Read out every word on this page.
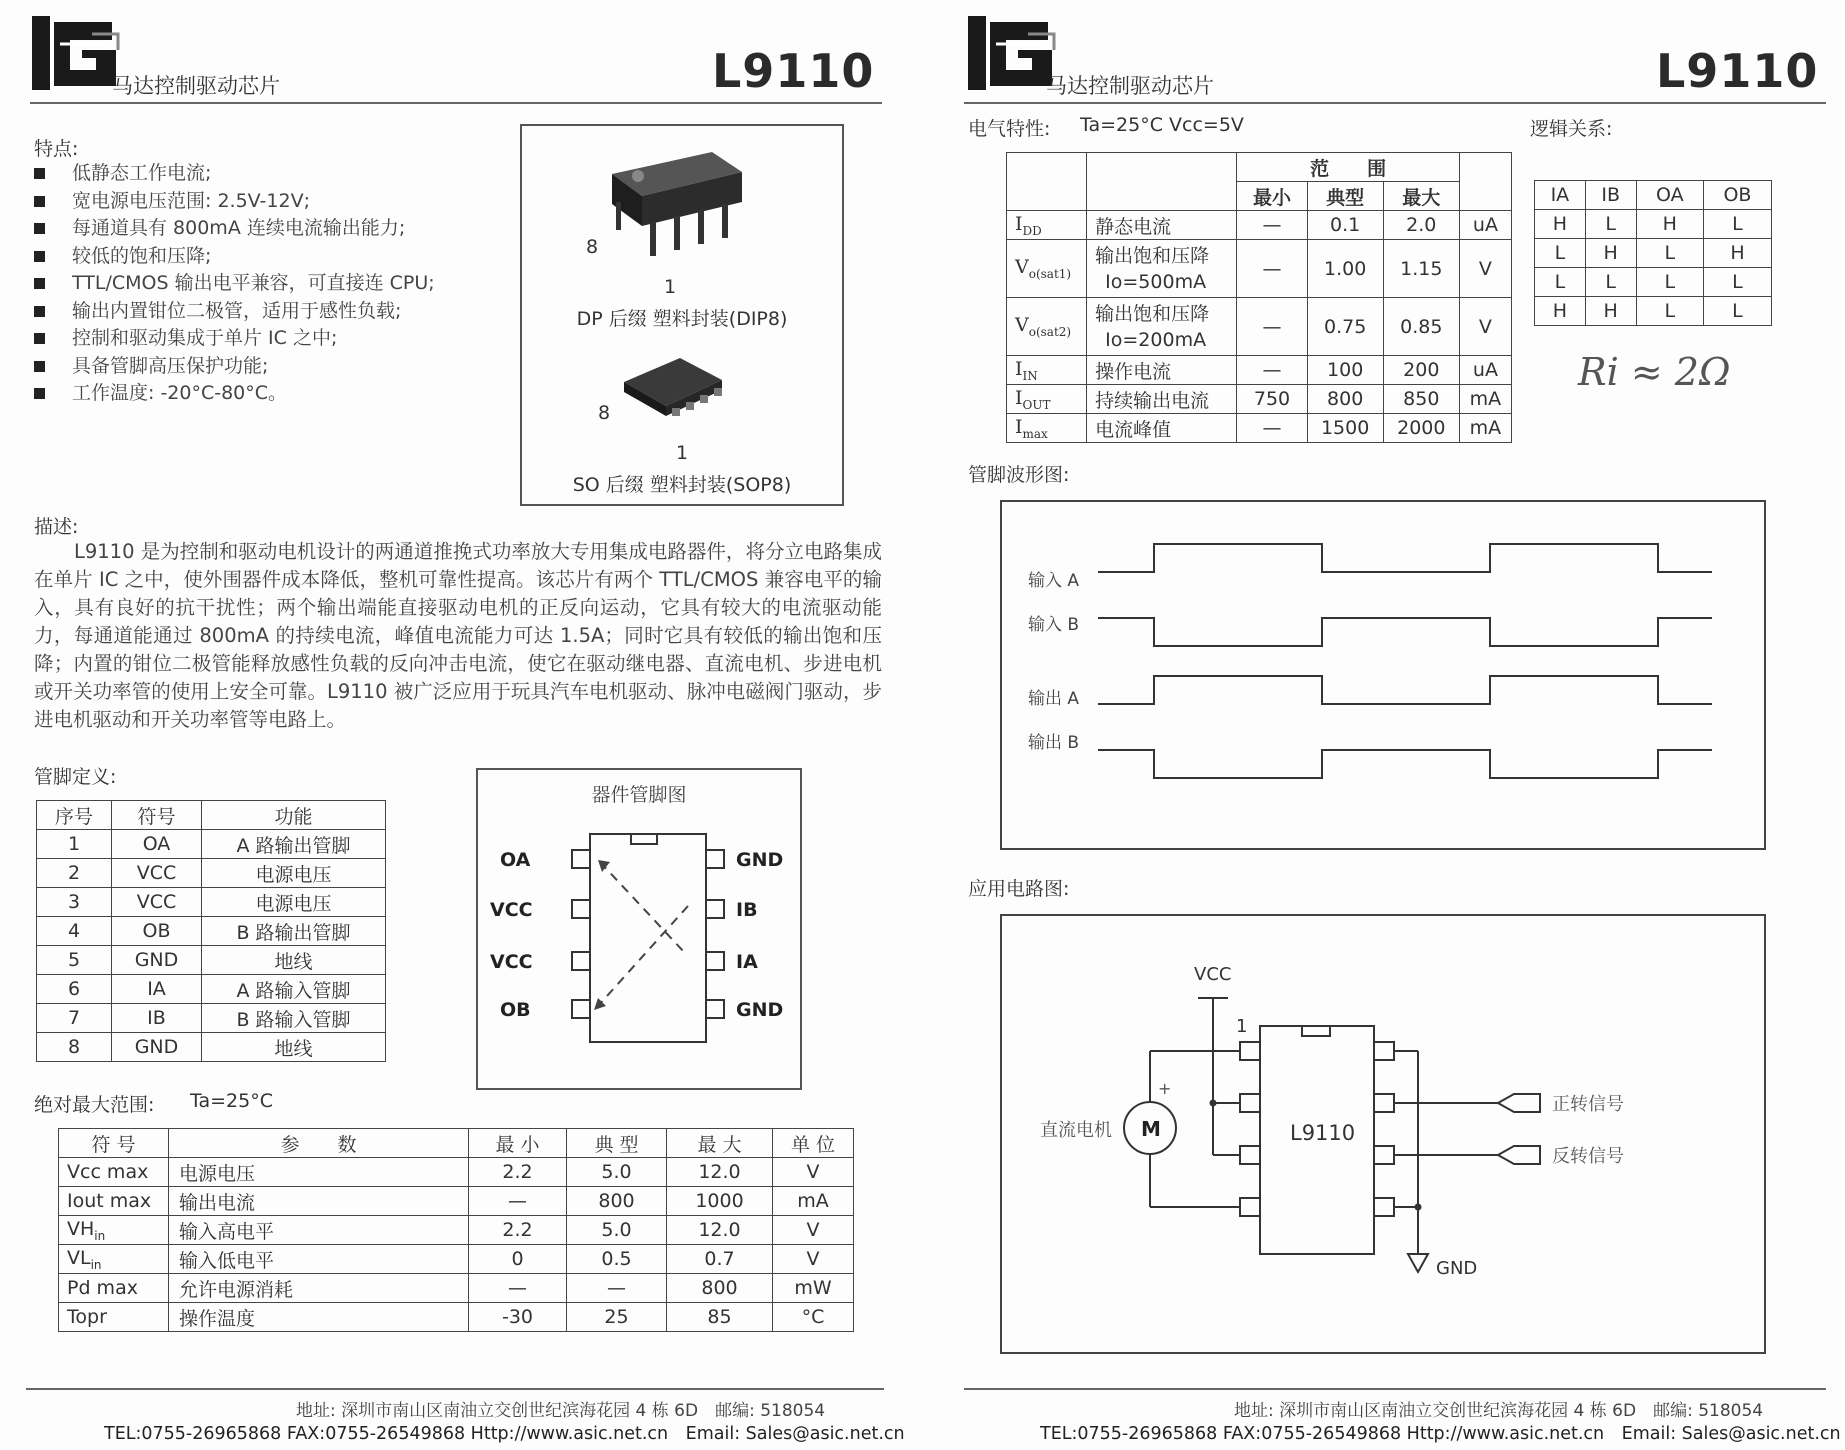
马达控制驱动芯片	L9110
特点:
低静态工作电流;
宽电源电压范围: 2.5V-12V;
每通道具有 800mA 连续电流输出能力;
较低的饱和压降;
TTL/CMOS 输出电平兼容，可直接连 CPU;
输出内置钳位二极管，适用于感性负载;
控制和驱动集成于单片 IC 之中;
具备管脚高压保护功能;
工作温度: -20°C-80°C。
8
1
DP 后缀 塑料封装(DIP8)
8
1
SO 后缀 塑料封装(SOP8)
描述:

L9110 是为控制和驱动电机设计的两通道推挽式功率放大专用集成电路器件，将分立电路集成在单片 IC 之中，使外围器件成本降低，整机可靠性提高。该芯片有两个 TTL/CMOS 兼容电平的输入，具有良好的抗干扰性；两个输出端能直接驱动电机的正反向运动，它具有较大的电流驱动能力，每通道能通过 800mA 的持续电流，峰值电流能力可达 1.5A；同时它具有较低的输出饱和压降；内置的钳位二极管能释放感性负载的反向冲击电流，使它在驱动继电器、直流电机、步进电机或开关功率管的使用上安全可靠。L9110 被广泛应用于玩具汽车电机驱动、脉冲电磁阀门驱动，步进电机驱动和开关功率管等电路上。

管脚定义:
序号	符号	功能
1	OA	A 路输出管脚
2	VCC	电源电压
3	VCC	电源电压
4	OB	B 路输出管脚
5	GND	地线
6	IA	A 路输入管脚
7	IB	B 路输入管脚
8	GND	地线
器件管脚图
OA
VCC
VCC
OB
GND
IB
IA
GND
绝对最大范围: Ta=25°C
符 号	参　　数	最 小	典 型	最 大	单 位
Vcc max	电源电压	2.2	5.0	12.0	V
Iout max	输出电流	—	800	1000	mA
$VH_{in}$	输入高电平	2.2	5.0	12.0	V
$VL_{in}$	输入低电平	0	0.5	0.7	V
Pd max	允许电源消耗	—	—	800	mW
Topr	操作温度	-30	25	85	°C
地址: 深圳市南山区南油立交创世纪滨海花园 4 栋 6D　邮编: 518054
TEL:0755-26965868 FAX:0755-26549868 Http://www.asic.net.cn　Email: Sales@asic.net.cn
马达控制驱动芯片	L9110
电气特性: Ta=25°C Vcc=5V	逻辑关系:
		范　　围			
		最小	典型	最大	
$I_{DD}$	静态电流	—	0.1	2.0	uA
$V_{o(sat1)}$	输出饱和压降
Io=500mA	—	1.00	1.15	V
$V_{o(sat2)}$	输出饱和压降
Io=200mA	—	0.75	0.85	V
$I_{IN}$	操作电流	—	100	200	uA
$I_{OUT}$	持续输出电流	750	800	850	mA
$I_{max}$	电流峰值	—	1500	2000	mA
IA	IB	OA	OB
H	L	H	L
L	H	L	H
L	L	L	L
H	H	L	L
Ri ≈ 2Ω
管脚波形图:
输入 A
输入 B
输出 A
输出 B
应用电路图:
VCC
1
L9110
M
+
直流电机
正转信号
反转信号
GND
地址: 深圳市南山区南油立交创世纪滨海花园 4 栋 6D　邮编: 518054
TEL:0755-26965868 FAX:0755-26549868 Http://www.asic.net.cn　Email: Sales@asic.net.cn
